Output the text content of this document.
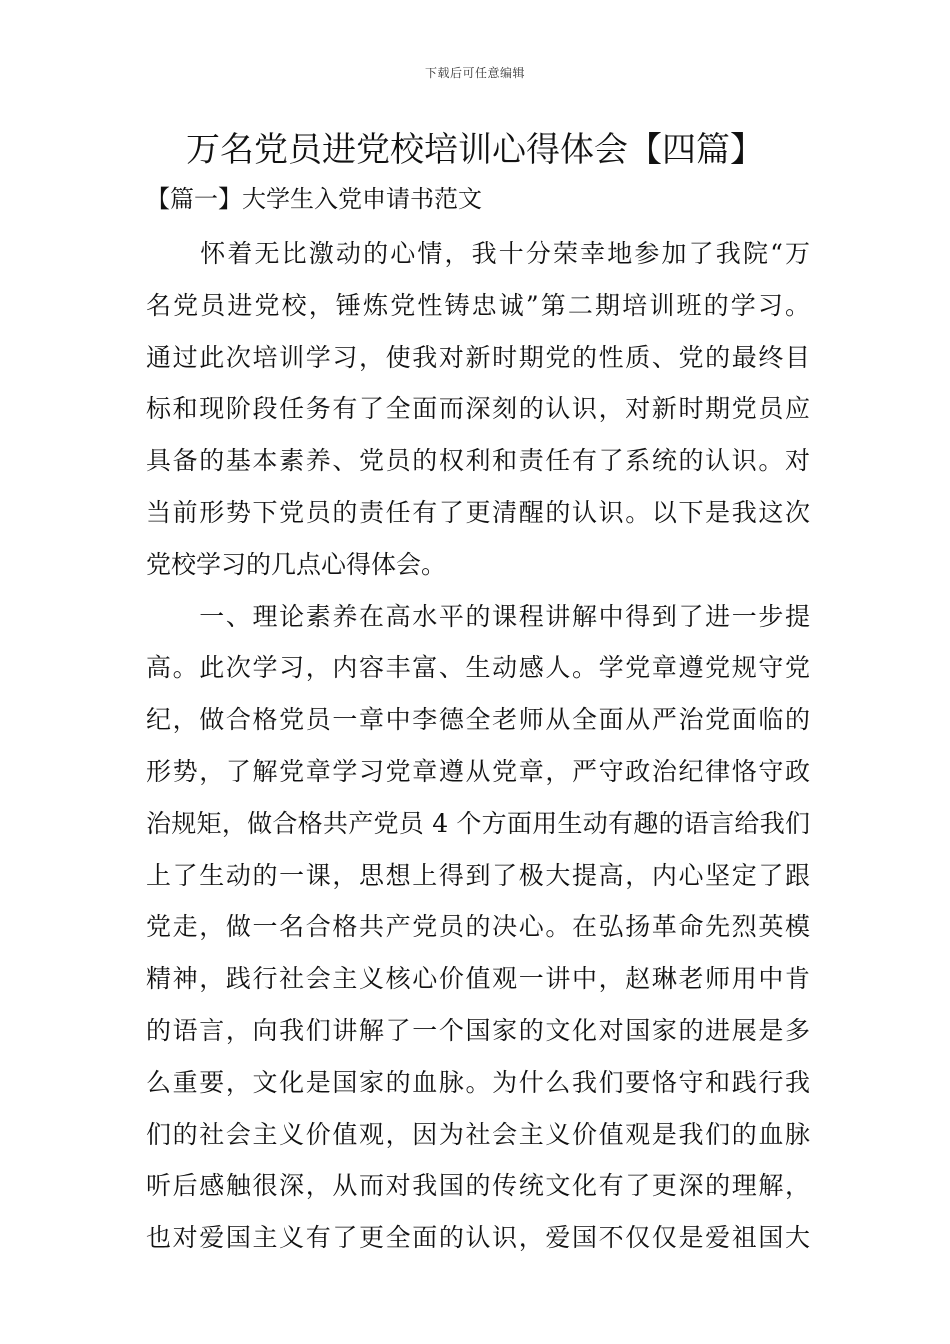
下载后可任意编辑
万名党员进党校培训心得体会【四篇】
【篇一】大学生入党申请书范文
　　怀着无比激动的心情，我十分荣幸地参加了我院“万
名党员进党校，锤炼党性铸忠诚”第二期培训班的学习。
通过此次培训学习，使我对新时期党的性质、党的最终目
标和现阶段任务有了全面而深刻的认识，对新时期党员应
具备的基本素养、党员的权利和责任有了系统的认识。对
当前形势下党员的责任有了更清醒的认识。以下是我这次
党校学习的几点心得体会。
　　一、理论素养在高水平的课程讲解中得到了进一步提
高。此次学习，内容丰富、生动感人。学党章遵党规守党
纪，做合格党员一章中李德全老师从全面从严治党面临的
形势，了解党章学习党章遵从党章，严守政治纪律恪守政
治规矩，做合格共产党员 4 个方面用生动有趣的语言给我们
上了生动的一课，思想上得到了极大提高，内心坚定了跟
党走，做一名合格共产党员的决心。在弘扬革命先烈英模
精神，践行社会主义核心价值观一讲中，赵琳老师用中肯
的语言，向我们讲解了一个国家的文化对国家的进展是多
么重要，文化是国家的血脉。为什么我们要恪守和践行我
们的社会主义价值观，因为社会主义价值观是我们的血脉
听后感触很深，从而对我国的传统文化有了更深的理解，
也对爱国主义有了更全面的认识，爱国不仅仅是爱祖国大
